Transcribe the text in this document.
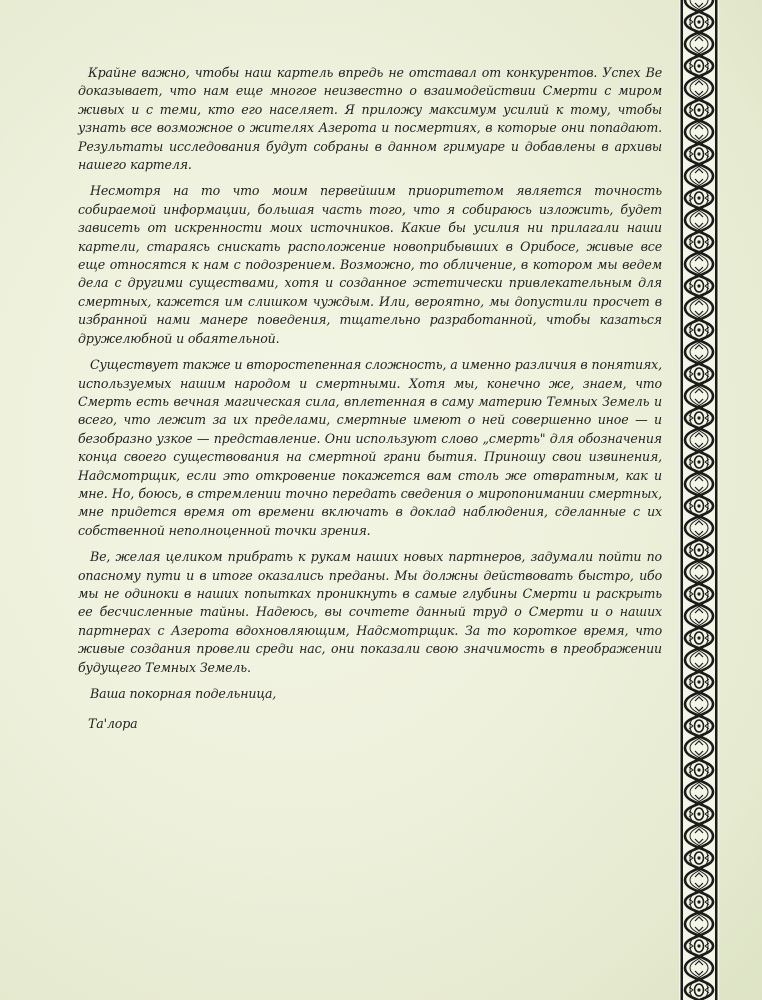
Крайне важно, чтобы наш картель впредь не отставал от конкурентов. Успех Ве доказывает, что нам еще многое неизвестно о взаимодействии Смерти с миром живых и с теми, кто его населяет. Я приложу максимум усилий к тому, чтобы узнать все возможное о жителях Азерота и посмертиях, в которые они попадают. Результаты исследования будут собраны в данном гримуаре и добавлены в архивы нашего картеля.

Несмотря на то что моим первейшим приоритетом является точность собираемой информации, большая часть того, что я собираюсь изложить, будет зависеть от искренности моих источников. Какие бы усилия ни прилагали наши картели, стараясь снискать расположение новоприбывших в Орибосе, живые все еще относятся к нам с подозрением. Возможно, то обличение, в котором мы ведем дела с другими существами, хотя и созданное эстетически привлекательным для смертных, кажется им слишком чуждым. Или, вероятно, мы допустили просчет в избранной нами манере поведения, тщательно разработанной, чтобы казаться дружелюбной и обаятельной.

Существует также и второстепенная сложность, а именно различия в понятиях, используемых нашим народом и смертными. Хотя мы, конечно же, знаем, что Смерть есть вечная магическая сила, вплетенная в саму материю Темных Земель и всего, что лежит за их пределами, смертные имеют о ней совершенно иное — и безобразно узкое — представление. Они используют слово „смерть" для обозначения конца своего существования на смертной грани бытия. Приношу свои извинения, Надсмотрщик, если это откровение покажется вам столь же отвратным, как и мне. Но, боюсь, в стремлении точно передать сведения о миропонимании смертных, мне придется время от времени включать в доклад наблюдения, сделанные с их собственной неполноценной точки зрения.

Ве, желая целиком прибрать к рукам наших новых партнеров, задумали пойти по опасному пути и в итоге оказались преданы. Мы должны действовать быстро, ибо мы не одиноки в наших попытках проникнуть в самые глубины Смерти и раскрыть ее бесчисленные тайны. Надеюсь, вы сочтете данный труд о Смерти и о наших партнерах с Азерота вдохновляющим, Надсмотрщик. За то короткое время, что живые создания провели среди нас, они показали свою значимость в преображении будущего Темных Земель.

Ваша покорная подельница,
Та'лора
